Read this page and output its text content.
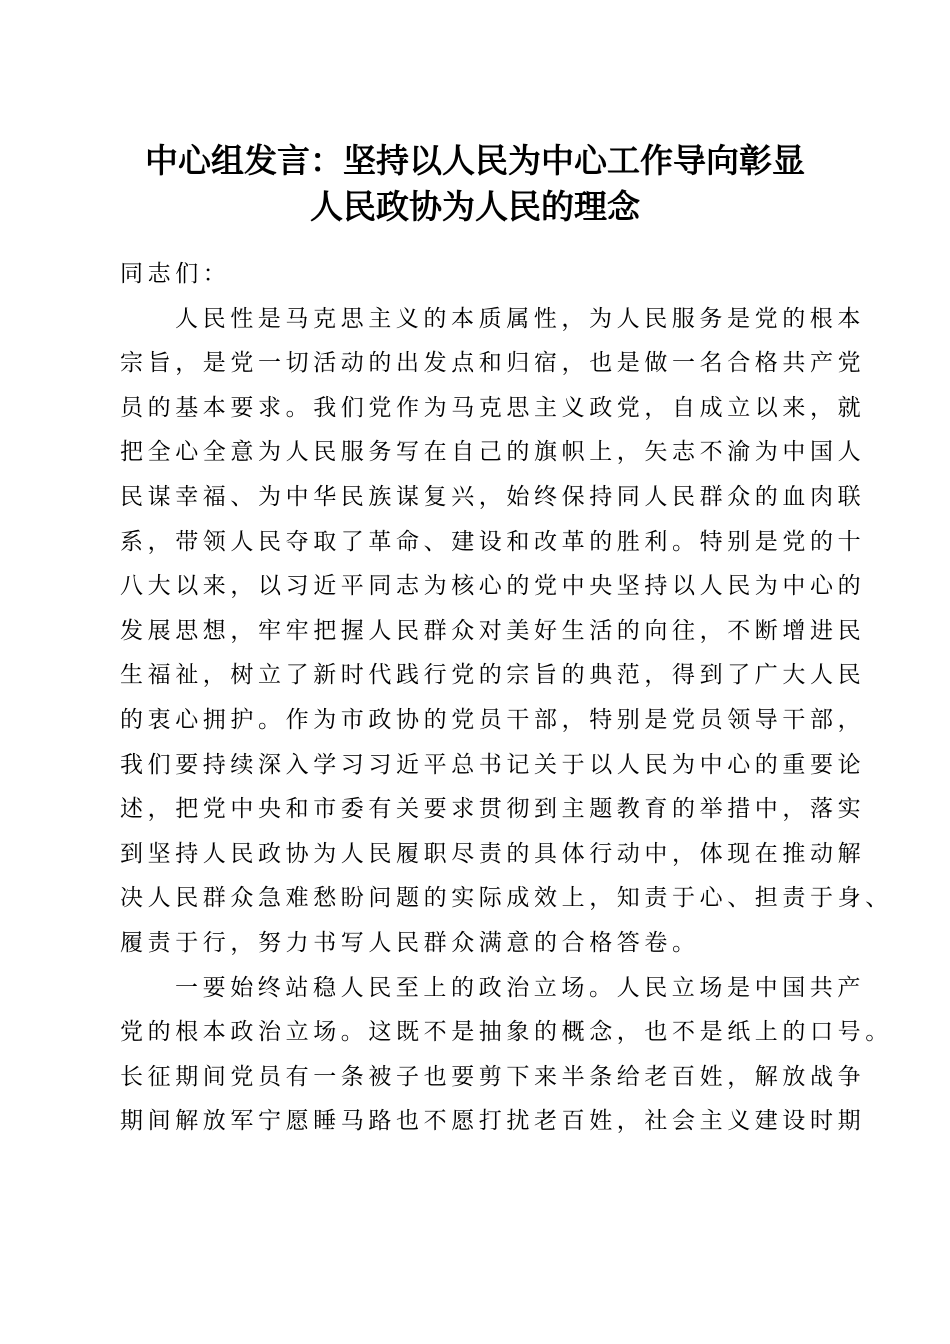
中心组发言：坚持以人民为中心工作导向彰显
人民政协为人民的理念
同志们：
人民性是马克思主义的本质属性，为人民服务是党的根本
宗旨，是党一切活动的出发点和归宿，也是做一名合格共产党
员的基本要求。我们党作为马克思主义政党，自成立以来，就
把全心全意为人民服务写在自己的旗帜上，矢志不渝为中国人
民谋幸福、为中华民族谋复兴，始终保持同人民群众的血肉联
系，带领人民夺取了革命、建设和改革的胜利。特别是党的十
八大以来，以习近平同志为核心的党中央坚持以人民为中心的
发展思想，牢牢把握人民群众对美好生活的向往，不断增进民
生福祉，树立了新时代践行党的宗旨的典范，得到了广大人民
的衷心拥护。作为市政协的党员干部，特别是党员领导干部，
我们要持续深入学习习近平总书记关于以人民为中心的重要论
述，把党中央和市委有关要求贯彻到主题教育的举措中，落实
到坚持人民政协为人民履职尽责的具体行动中，体现在推动解
决人民群众急难愁盼问题的实际成效上，知责于心、担责于身、
履责于行，努力书写人民群众满意的合格答卷。
一要始终站稳人民至上的政治立场。人民立场是中国共产
党的根本政治立场。这既不是抽象的概念，也不是纸上的口号。
长征期间党员有一条被子也要剪下来半条给老百姓，解放战争
期间解放军宁愿睡马路也不愿打扰老百姓，社会主义建设时期
